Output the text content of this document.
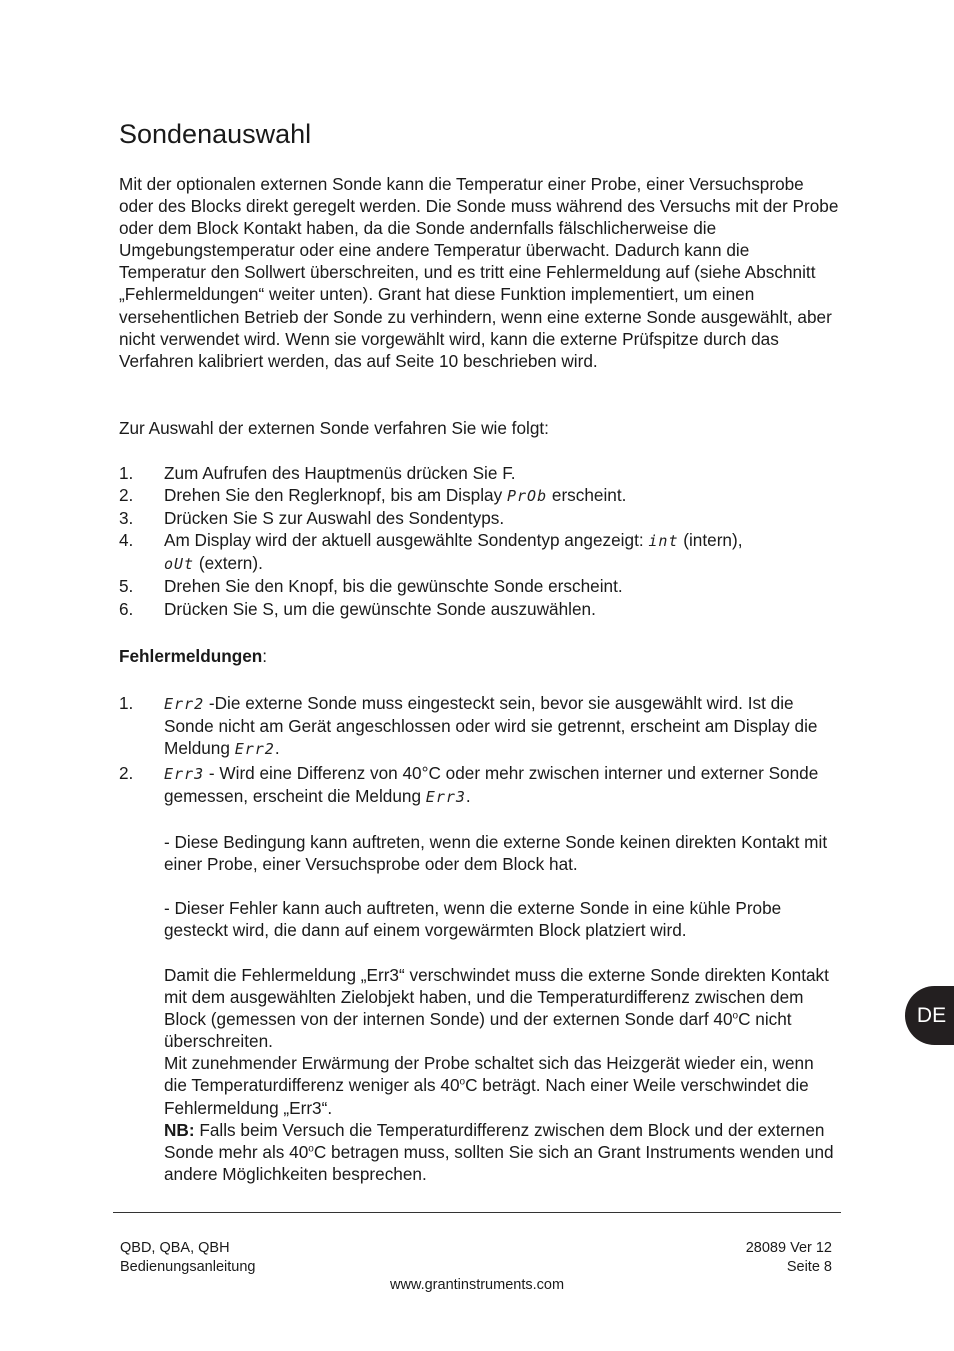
Sondenauswahl

Mit der optionalen externen Sonde kann die Temperatur einer Probe, einer Versuchsprobe oder des Blocks direkt geregelt werden. Die Sonde muss während des Versuchs mit der Probe oder dem Block Kontakt haben, da die Sonde andernfalls fälschlicherweise die Umgebungstemperatur oder eine andere Temperatur überwacht. Dadurch kann die Temperatur den Sollwert überschreiten, und es tritt eine Fehlermeldung auf (siehe Abschnitt „Fehlermeldungen“ weiter unten). Grant hat diese Funktion implementiert, um einen versehentlichen Betrieb der Sonde zu verhindern, wenn eine externe Sonde ausgewählt, aber nicht verwendet wird. Wenn sie vorgewählt wird, kann die externe Prüfspitze durch das Verfahren kalibriert werden, das auf Seite 10 beschrieben wird.

Zur Auswahl der externen Sonde verfahren Sie wie folgt:

1. Zum Aufrufen des Hauptmenüs drücken Sie F.
2. Drehen Sie den Reglerknopf, bis am Display PrOb erscheint.
3. Drücken Sie S zur Auswahl des Sondentyps.
4. Am Display wird der aktuell ausgewählte Sondentyp angezeigt: int (intern),
oUt (extern).
5. Drehen Sie den Knopf, bis die gewünschte Sonde erscheint.
6. Drücken Sie S, um die gewünschte Sonde auszuwählen.

Fehlermeldungen:

1. Err2 -Die externe Sonde muss eingesteckt sein, bevor sie ausgewählt wird. Ist die Sonde nicht am Gerät angeschlossen oder wird sie getrennt, erscheint am Display die Meldung Err2.
2. Err3 - Wird eine Differenz von 40°C oder mehr zwischen interner und externer Sonde gemessen, erscheint die Meldung Err3.

- Diese Bedingung kann auftreten, wenn die externe Sonde keinen direkten Kontakt mit einer Probe, einer Versuchsprobe oder dem Block hat.

- Dieser Fehler kann auch auftreten, wenn die externe Sonde in eine kühle Probe gesteckt wird, die dann auf einem vorgewärmten Block platziert wird.

Damit die Fehlermeldung „Err3“ verschwindet muss die externe Sonde direkten Kontakt mit dem ausgewählten Zielobjekt haben, und die Temperaturdifferenz zwischen dem Block (gemessen von der internen Sonde) und der externen Sonde darf 40$^o$C nicht überschreiten.
Mit zunehmender Erwärmung der Probe schaltet sich das Heizgerät wieder ein, wenn die Temperaturdifferenz weniger als 40$^o$C beträgt. Nach einer Weile verschwindet die Fehlermeldung „Err3“.
NB: Falls beim Versuch die Temperaturdifferenz zwischen dem Block und der externen Sonde mehr als 40$^o$C betragen muss, sollten Sie sich an Grant Instruments wenden und andere Möglichkeiten besprechen.
DE
QBD, QBA, QBH
Bedienungsanleitung
28089 Ver 12
Seite 8
www.grantinstruments.com
